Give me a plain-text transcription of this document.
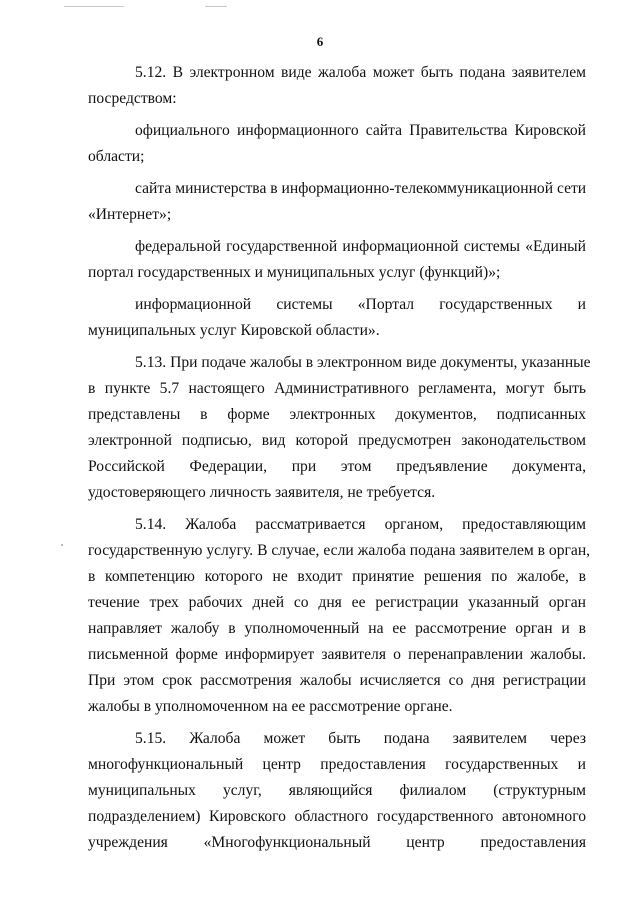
6
5.12. В электронном виде жалоба может быть подана заявителем
посредством:
официального информационного сайта Правительства Кировской
области;
сайта министерства в информационно-телекоммуникационной сети
«Интернет»;
федеральной государственной информационной системы «Единый
портал государственных и муниципальных услуг (функций)»;
информационной системы «Портал государственных и
муниципальных услуг Кировской области».
5.13. При подаче жалобы в электронном виде документы, указанные
в пункте 5.7 настоящего Административного регламента, могут быть
представлены в форме электронных документов, подписанных
электронной подписью, вид которой предусмотрен законодательством
Российской Федерации, при этом предъявление документа,
удостоверяющего личность заявителя, не требуется.
5.14. Жалоба рассматривается органом, предоставляющим
государственную услугу. В случае, если жалоба подана заявителем в орган,
в компетенцию которого не входит принятие решения по жалобе, в
течение трех рабочих дней со дня ее регистрации указанный орган
направляет жалобу в уполномоченный на ее рассмотрение орган и в
письменной форме информирует заявителя о перенаправлении жалобы.
При этом срок рассмотрения жалобы исчисляется со дня регистрации
жалобы в уполномоченном на ее рассмотрение органе.
5.15. Жалоба может быть подана заявителем через
многофункциональный центр предоставления государственных и
муниципальных услуг, являющийся филиалом (структурным
подразделением) Кировского областного государственного автономного
учреждения «Многофункциональный центр предоставления
